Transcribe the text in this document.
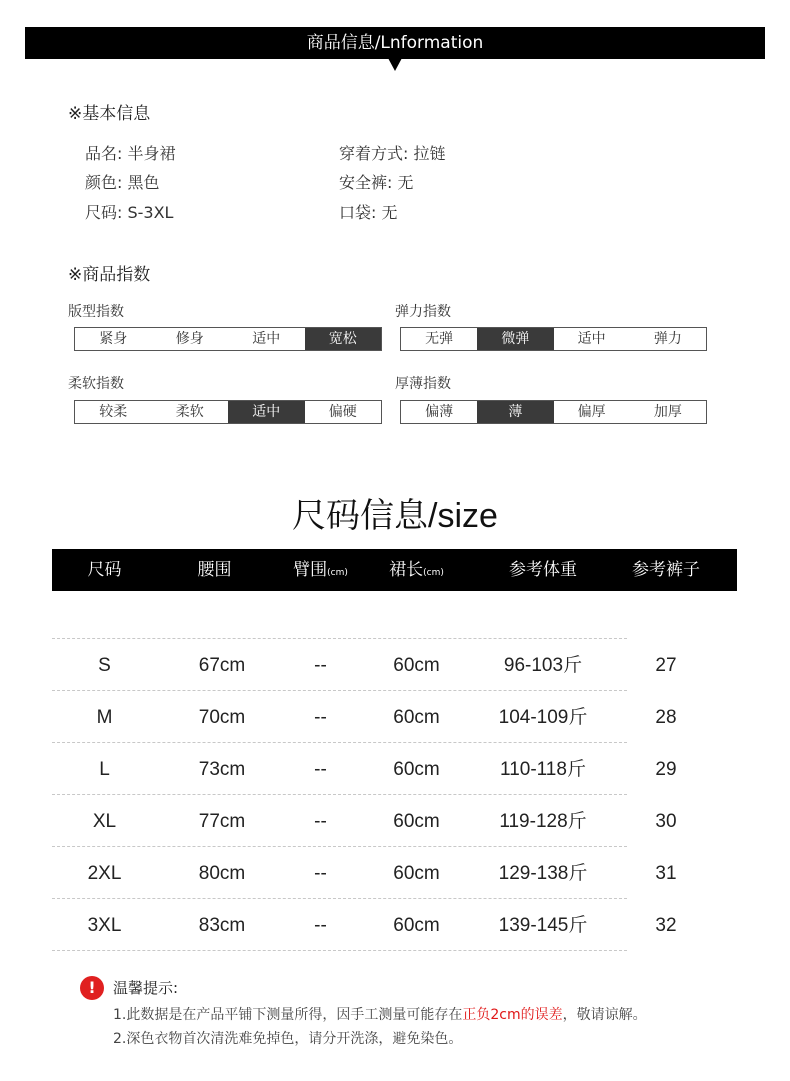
商品信息/Lnformation
※基本信息
品名: 半身裙
颜色: 黑色
尺码: S-3XL
穿着方式: 拉链
安全裤: 无
口袋: 无
※商品指数
版型指数
紧身	修身	适中	宽松
弹力指数
无弹	微弹	适中	弹力
柔软指数
较柔	柔软	适中	偏硬
厚薄指数
偏薄	薄	偏厚	加厚
尺码信息/size
尺码	腰围	臂围(cm)	裙长(cm)	参考体重	参考裤子
S	67cm	--	60cm	96-103斤	27
M	70cm	--	60cm	104-109斤	28
L	73cm	--	60cm	110-118斤	29
XL	77cm	--	60cm	119-128斤	30
2XL	80cm	--	60cm	129-138斤	31
3XL	83cm	--	60cm	139-145斤	32
!	温馨提示:
1.此数据是在产品平铺下测量所得，因手工测量可能存在正负2cm的误差，敬请谅解。
2.深色衣物首次清洗难免掉色，请分开洗涤，避免染色。
